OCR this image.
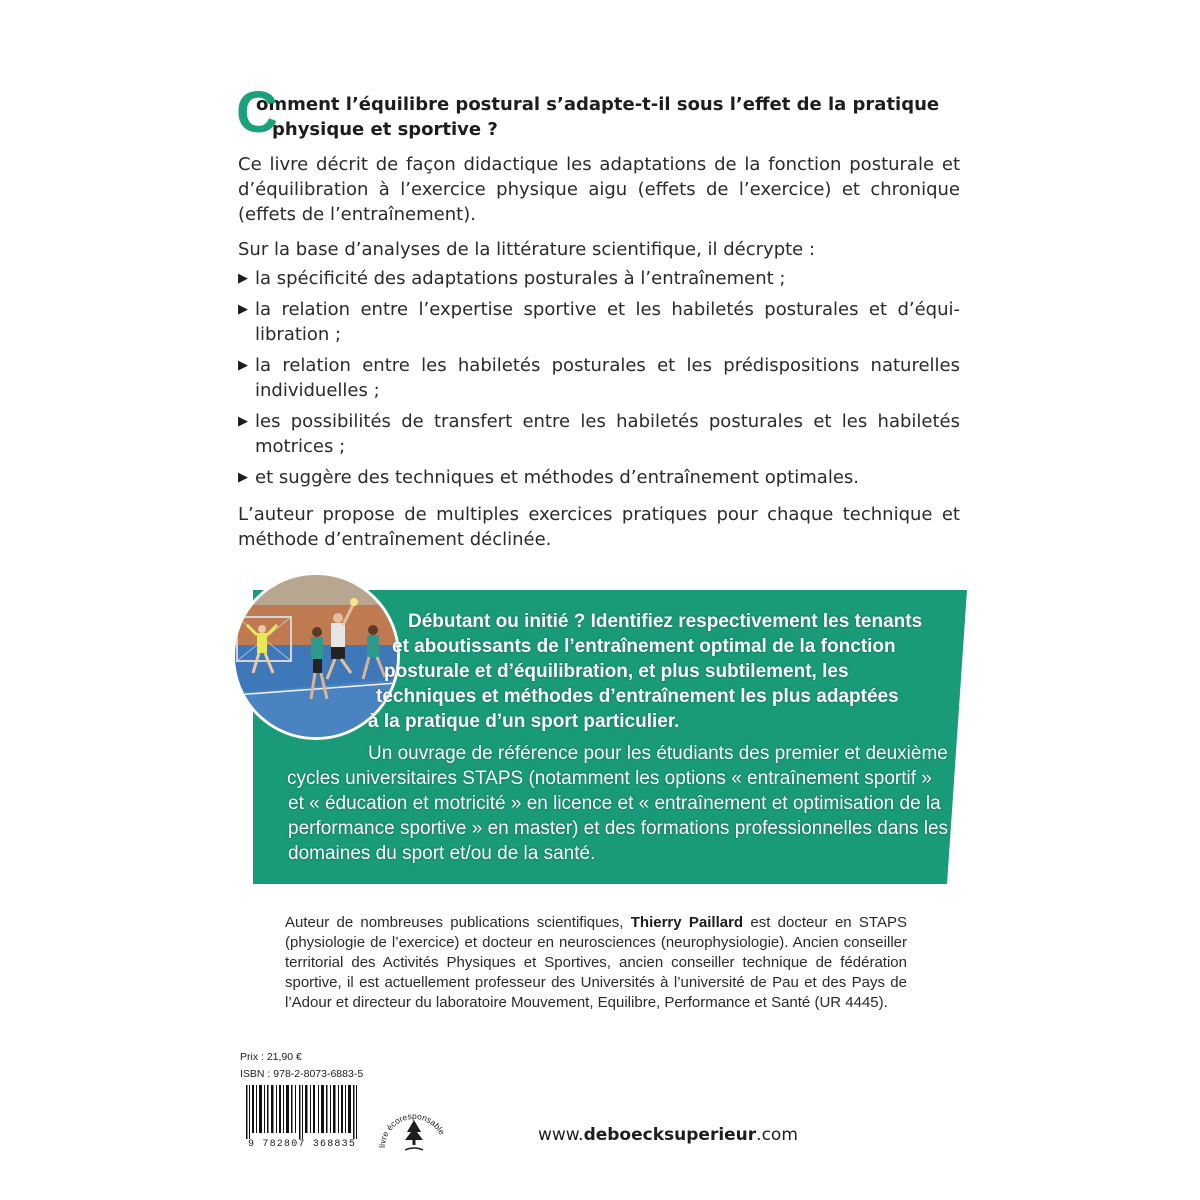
C
omment l’équilibre postural s’adapte-t-il sous l’effet de la pratique
physique et sportive ?
Ce livre décrit de façon didactique les adaptations de la fonction posturale et d’équilibration à l’exercice physique aigu (effets de l’exercice) et chronique (effets de l’entraînement).
Sur la base d’analyses de la littérature scientifique, il décrypte :
▶ la spécificité des adaptations posturales à l’entraînement ;
▶ la relation entre l’expertise sportive et les habiletés posturales et d’équi-libration ;
▶ la relation entre les habiletés posturales et les prédispositions naturelles individuelles ;
▶ les possibilités de transfert entre les habiletés posturales et les habiletés motrices ;
▶ et suggère des techniques et méthodes d’entraînement optimales.
L’auteur propose de multiples exercices pratiques pour chaque technique et méthode d’entraînement déclinée.
Débutant ou initié ? Identifiez respectivement les tenants
et aboutissants de l’entraînement optimal de la fonction
posturale et d’équilibration, et plus subtilement, les
techniques et méthodes d’entraînement les plus adaptées
à la pratique d’un sport particulier.
Un ouvrage de référence pour les étudiants des premier et deuxième
cycles universitaires STAPS (notamment les options « entraînement sportif »
et « éducation et motricité » en licence et « entraînement et optimisation de la
performance sportive » en master) et des formations professionnelles dans les
domaines du sport et/ou de la santé.
Auteur de nombreuses publications scientifiques, Thierry Paillard est docteur en STAPS (physiologie de l’exercice) et docteur en neurosciences (neurophysiologie). Ancien conseiller territorial des Activités Physiques et Sportives, ancien conseiller technique de fédération sportive, il est actuellement professeur des Universités à l’université de Pau et des Pays de l’Adour et directeur du laboratoire Mouvement, Equilibre, Performance et Santé (UR 4445).
Prix : 21,90 €
ISBN : 978-2-8073-6883-5
9 782807 368835 livre écoresponsable	www.deboecksuperieur.com
